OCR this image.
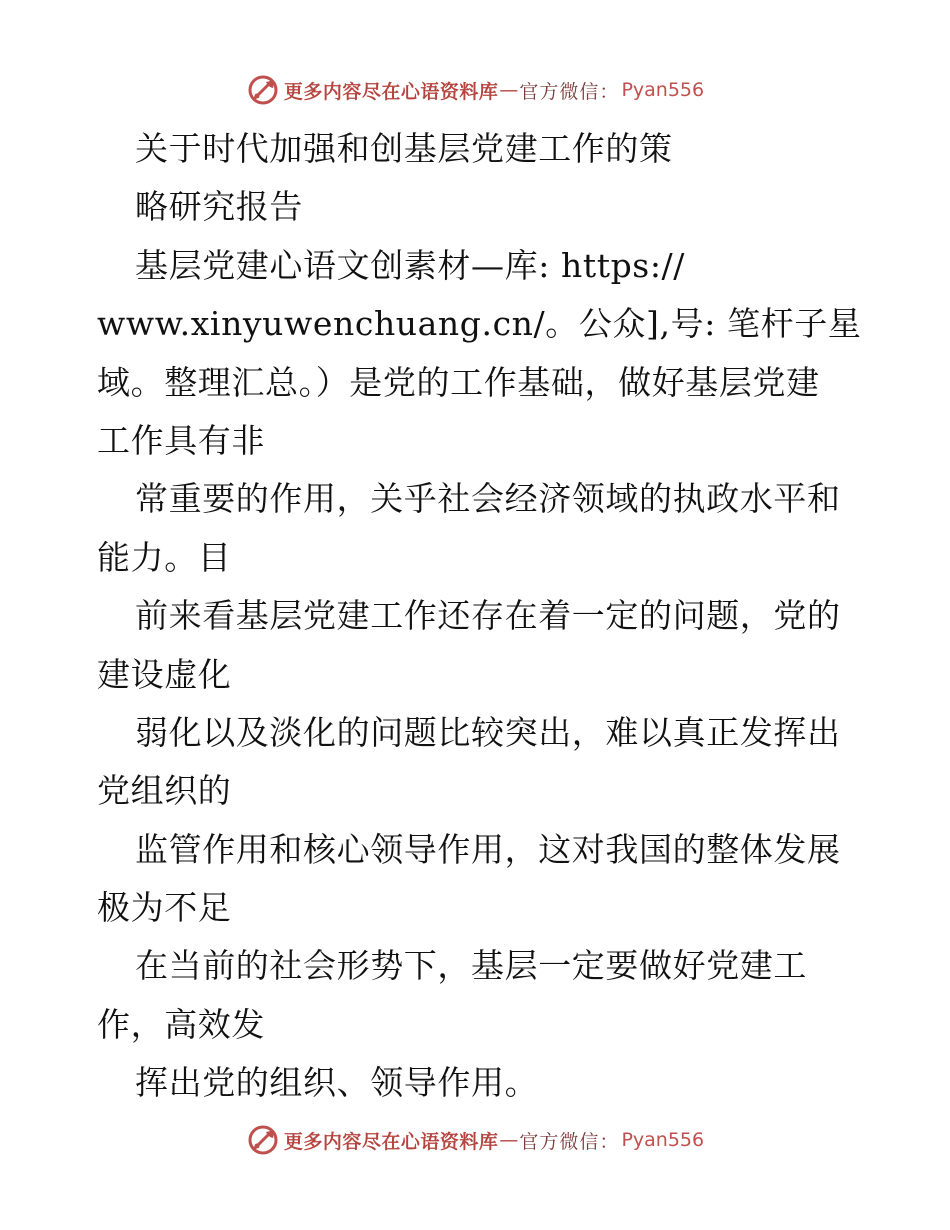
更多内容尽在心语资料库 — 官方微信： Pyan556
关于时代加强和创基层党建工作的策
略研究报告
基层党建心语文创素材—库: https://
www.xinyuwenchuang.cn/。公众],号: 笔杆子星
域。整理汇总。）是党的工作基础，做好基层党建
工作具有非
常重要的作用，关乎社会经济领域的执政水平和
能力。目
前来看基层党建工作还存在着一定的问题，党的
建设虚化
弱化以及淡化的问题比较突出，难以真正发挥出
党组织的
监管作用和核心领导作用，这对我国的整体发展
极为不足
在当前的社会形势下，基层一定要做好党建工
作，高效发
挥出党的组织、领导作用。
更多内容尽在心语资料库 — 官方微信： Pyan556
